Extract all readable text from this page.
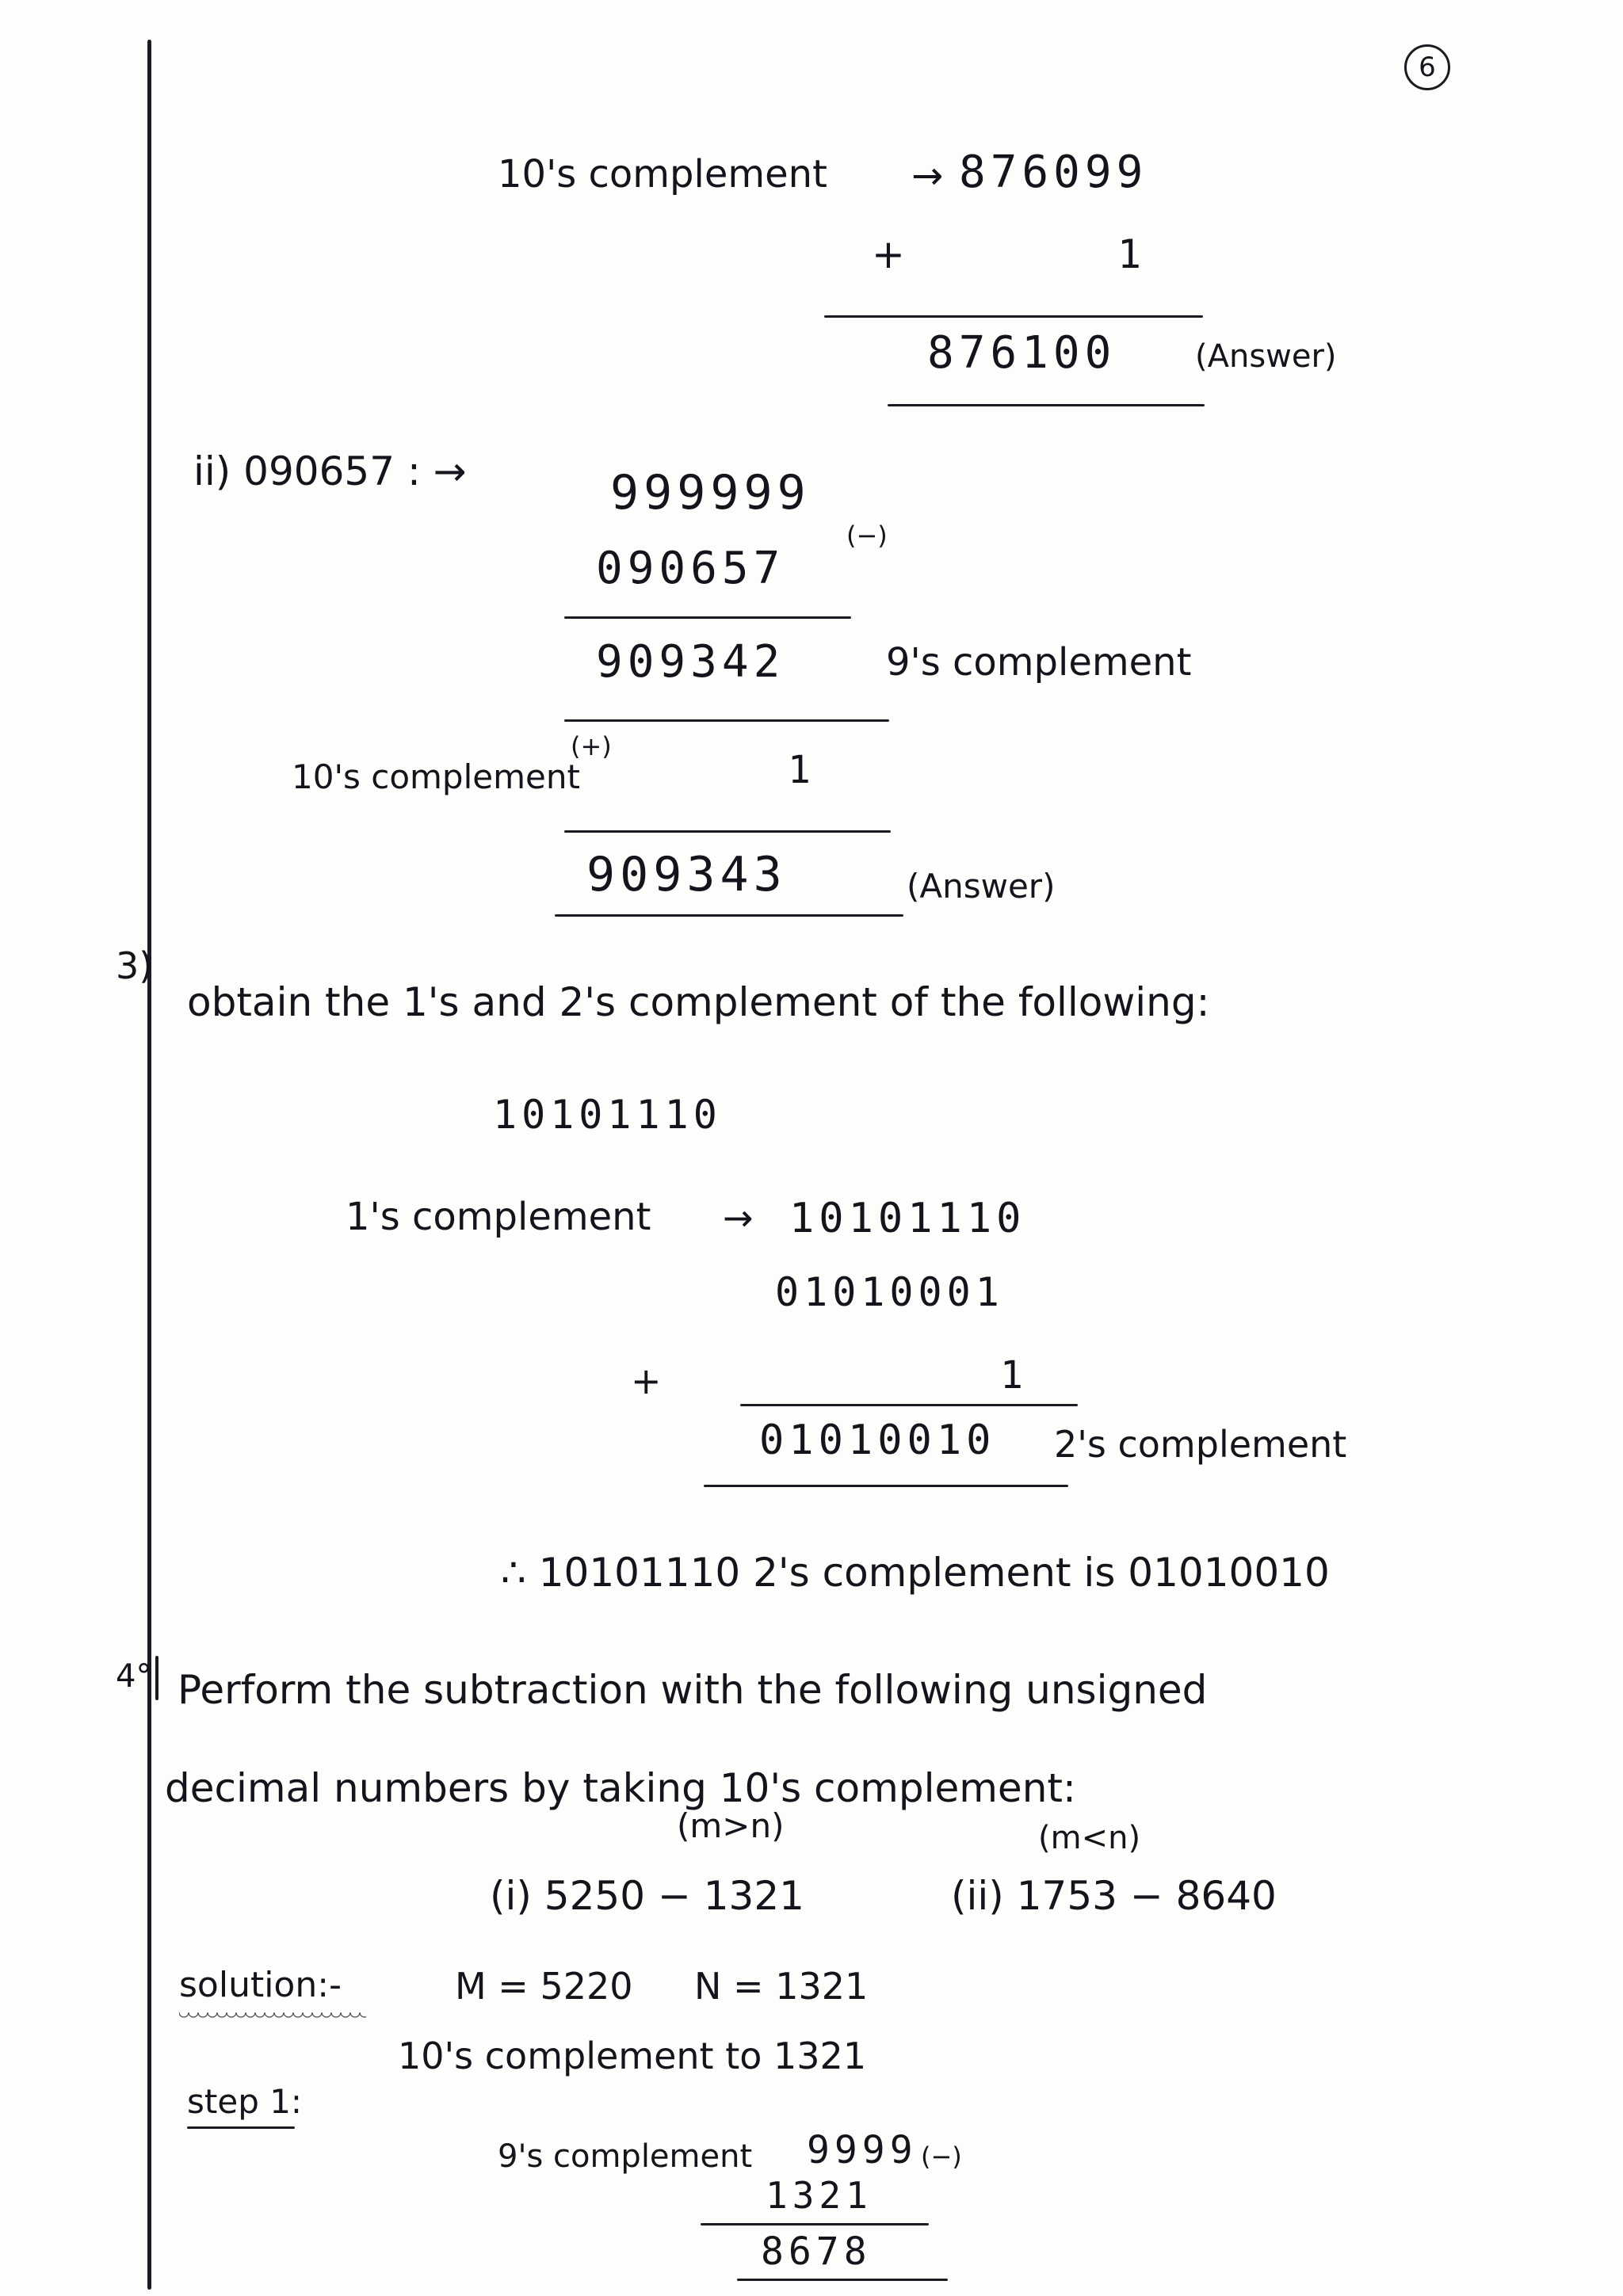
6
10's complement → 876099
+	1
876100 (Answer)
ii) 090657 : →	999999
(−)
090657
909342	9's complement
(+)
10's complement	1
909343	(Answer)
3)
obtain the 1's and 2's complement of the following:
10101110
1's complement → 10101110
01010001
+	1
01010010 2's complement
∴ 10101110 2's complement is 01010010
4° Perform the subtraction with the following unsigned
decimal numbers by taking 10's complement:
(m>n)	(m<n)
(i) 5250 − 1321	(ii) 1753 − 8640
solution:-	M = 5220 N = 1321
10's complement to 1321
step 1:
9's complement 9999 (−)
1321
8678
